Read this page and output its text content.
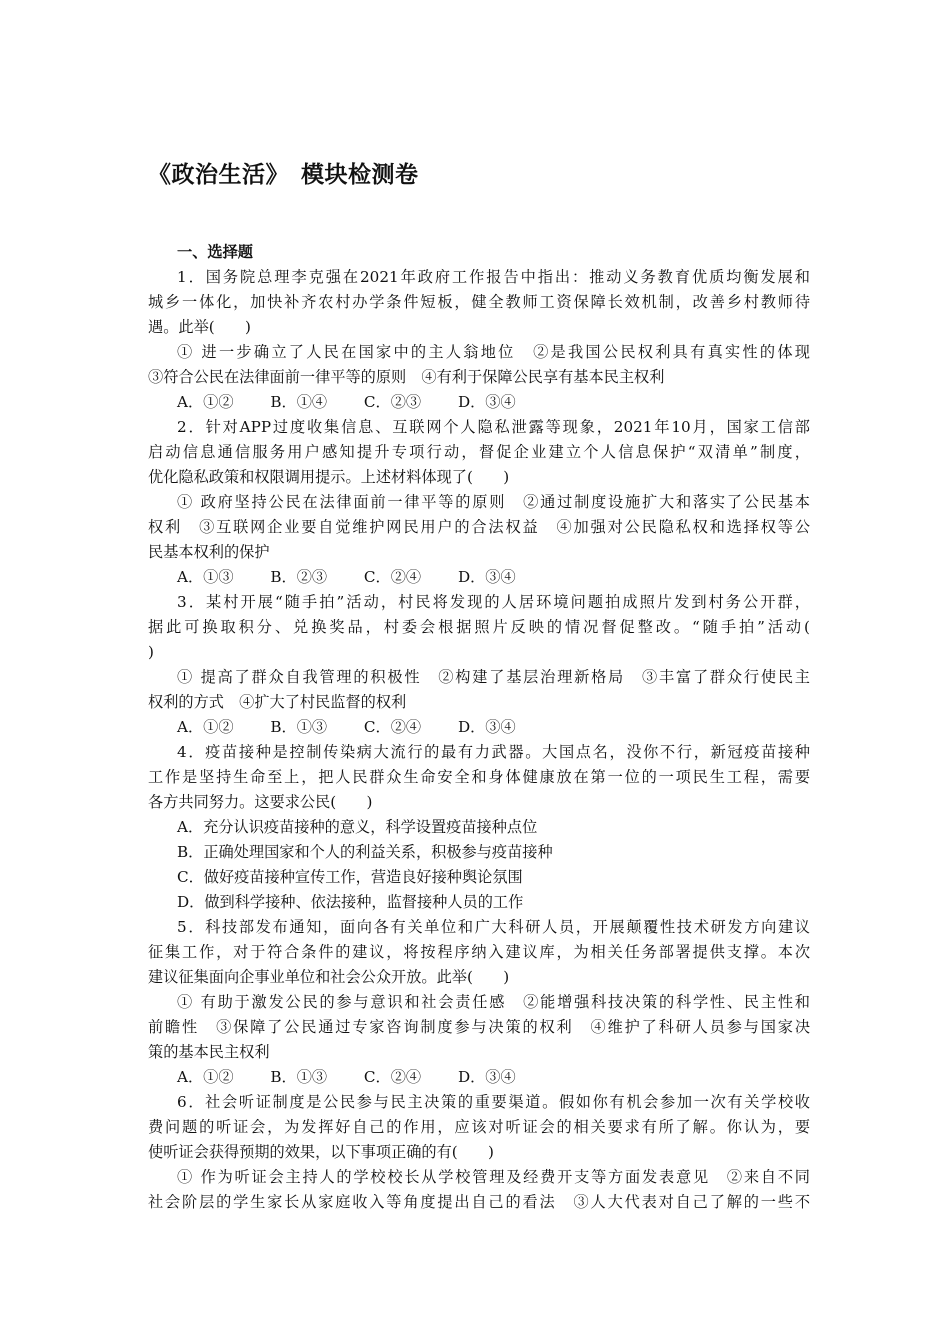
《政治生活》　模块检测卷
一、选择题
1．国务院总理李克强在2021年政府工作报告中指出：推动义务教育优质均衡发展和
城乡一体化，加快补齐农村办学条件短板，健全教师工资保障长效机制，改善乡村教师待
遇。此举(　　)
① 进一步确立了人民在国家中的主人翁地位　②是我国公民权利具有真实性的体现
③符合公民在法律面前一律平等的原则　④有利于保障公民享有基本民主权利
A．①② B．①④ C．②③ D．③④
2．针对APP过度收集信息、互联网个人隐私泄露等现象，2021年10月，国家工信部
启动信息通信服务用户感知提升专项行动，督促企业建立个人信息保护“双清单”制度，
优化隐私政策和权限调用提示。上述材料体现了(　　)
① 政府坚持公民在法律面前一律平等的原则　②通过制度设施扩大和落实了公民基本
权利　③互联网企业要自觉维护网民用户的合法权益　④加强对公民隐私权和选择权等公
民基本权利的保护
A．①③ B．②③ C．②④ D．③④
3．某村开展“随手拍”活动，村民将发现的人居环境问题拍成照片发到村务公开群，
据此可换取积分、兑换奖品，村委会根据照片反映的情况督促整改。“随手拍”活动(
)
① 提高了群众自我管理的积极性　②构建了基层治理新格局　③丰富了群众行使民主
权利的方式　④扩大了村民监督的权利
A．①② B．①③ C．②④ D．③④
4．疫苗接种是控制传染病大流行的最有力武器。大国点名，没你不行，新冠疫苗接种
工作是坚持生命至上，把人民群众生命安全和身体健康放在第一位的一项民生工程，需要
各方共同努力。这要求公民(　　)
A．充分认识疫苗接种的意义，科学设置疫苗接种点位
B．正确处理国家和个人的利益关系，积极参与疫苗接种
C．做好疫苗接种宣传工作，营造良好接种舆论氛围
D．做到科学接种、依法接种，监督接种人员的工作
5．科技部发布通知，面向各有关单位和广大科研人员，开展颠覆性技术研发方向建议
征集工作，对于符合条件的建议，将按程序纳入建议库，为相关任务部署提供支撑。本次
建议征集面向企事业单位和社会公众开放。此举(　　)
① 有助于激发公民的参与意识和社会责任感　②能增强科技决策的科学性、民主性和
前瞻性　③保障了公民通过专家咨询制度参与决策的权利　④维护了科研人员参与国家决
策的基本民主权利
A．①② B．①③ C．②④ D．③④
6．社会听证制度是公民参与民主决策的重要渠道。假如你有机会参加一次有关学校收
费问题的听证会，为发挥好自己的作用，应该对听证会的相关要求有所了解。你认为，要
使听证会获得预期的效果，以下事项正确的有(　　)
① 作为听证会主持人的学校校长从学校管理及经费开支等方面发表意见　②来自不同
社会阶层的学生家长从家庭收入等角度提出自己的看法　③人大代表对自己了解的一些不
